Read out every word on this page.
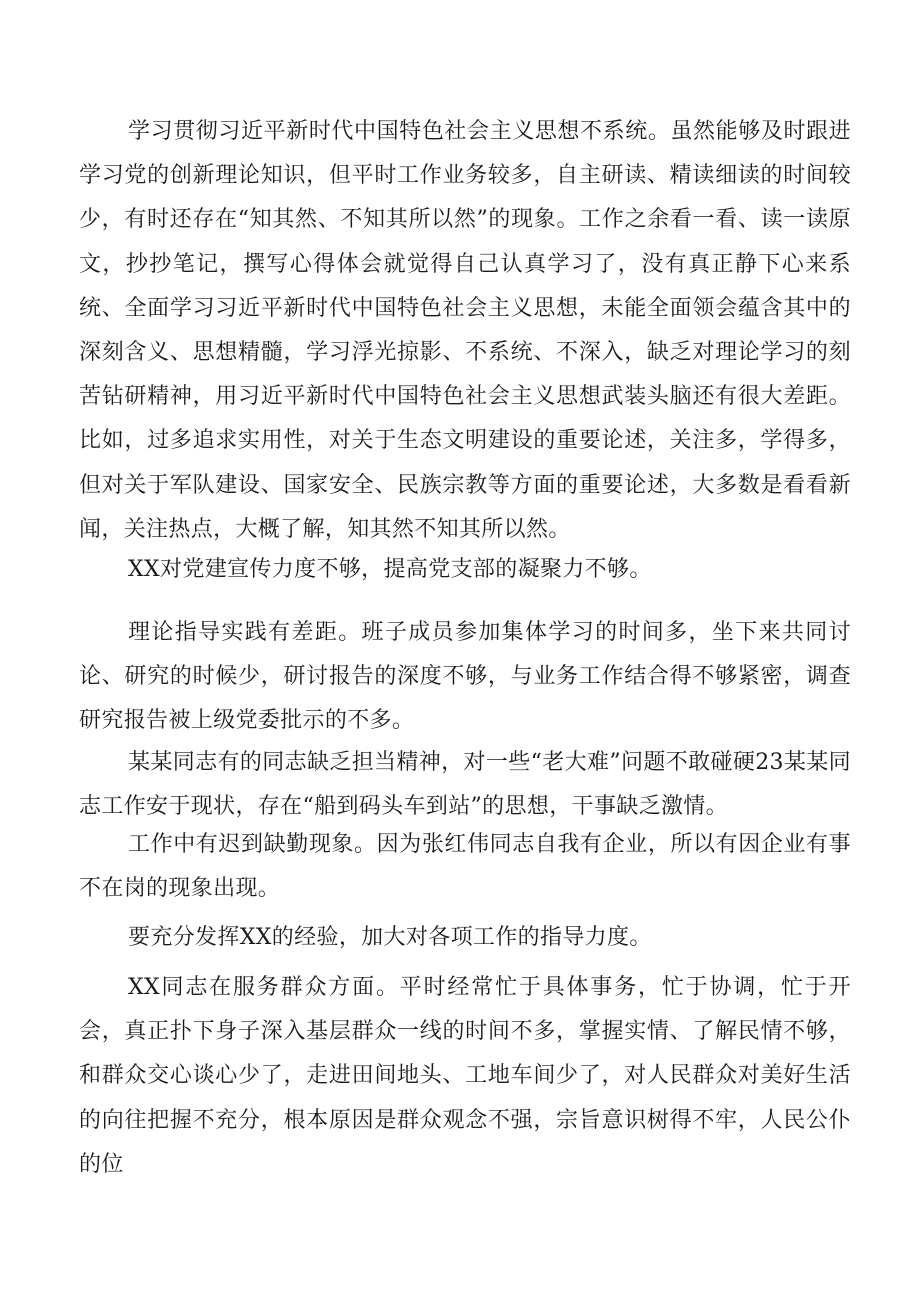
学习贯彻习近平新时代中国特色社会主义思想不系统。虽然能够及时跟进学习党的创新理论知识，但平时工作业务较多，自主研读、精读细读的时间较少，有时还存在“知其然、不知其所以然”的现象。工作之余看一看、读一读原文，抄抄笔记，撰写心得体会就觉得自己认真学习了，没有真正静下心来系统、全面学习习近平新时代中国特色社会主义思想，未能全面领会蕴含其中的深刻含义、思想精髓，学习浮光掠影、不系统、不深入，缺乏对理论学习的刻苦钻研精神，用习近平新时代中国特色社会主义思想武装头脑还有很大差距。比如，过多追求实用性，对关于生态文明建设的重要论述，关注多，学得多，但对关于军队建设、国家安全、民族宗教等方面的重要论述，大多数是看看新闻，关注热点，大概了解，知其然不知其所以然。

XX对党建宣传力度不够，提高党支部的凝聚力不够。

理论指导实践有差距。班子成员参加集体学习的时间多，坐下来共同讨论、研究的时候少，研讨报告的深度不够，与业务工作结合得不够紧密，调查研究报告被上级党委批示的不多。

某某同志有的同志缺乏担当精神，对一些“老大难”问题不敢碰硬23某某同志工作安于现状，存在“船到码头车到站”的思想，干事缺乏激情。

工作中有迟到缺勤现象。因为张红伟同志自我有企业，所以有因企业有事不在岗的现象出现。

要充分发挥XX的经验，加大对各项工作的指导力度。

XX同志在服务群众方面。平时经常忙于具体事务，忙于协调，忙于开会，真正扑下身子深入基层群众一线的时间不多，掌握实情、了解民情不够，和群众交心谈心少了，走进田间地头、工地车间少了，对人民群众对美好生活的向往把握不充分，根本原因是群众观念不强，宗旨意识树得不牢，人民公仆的位
